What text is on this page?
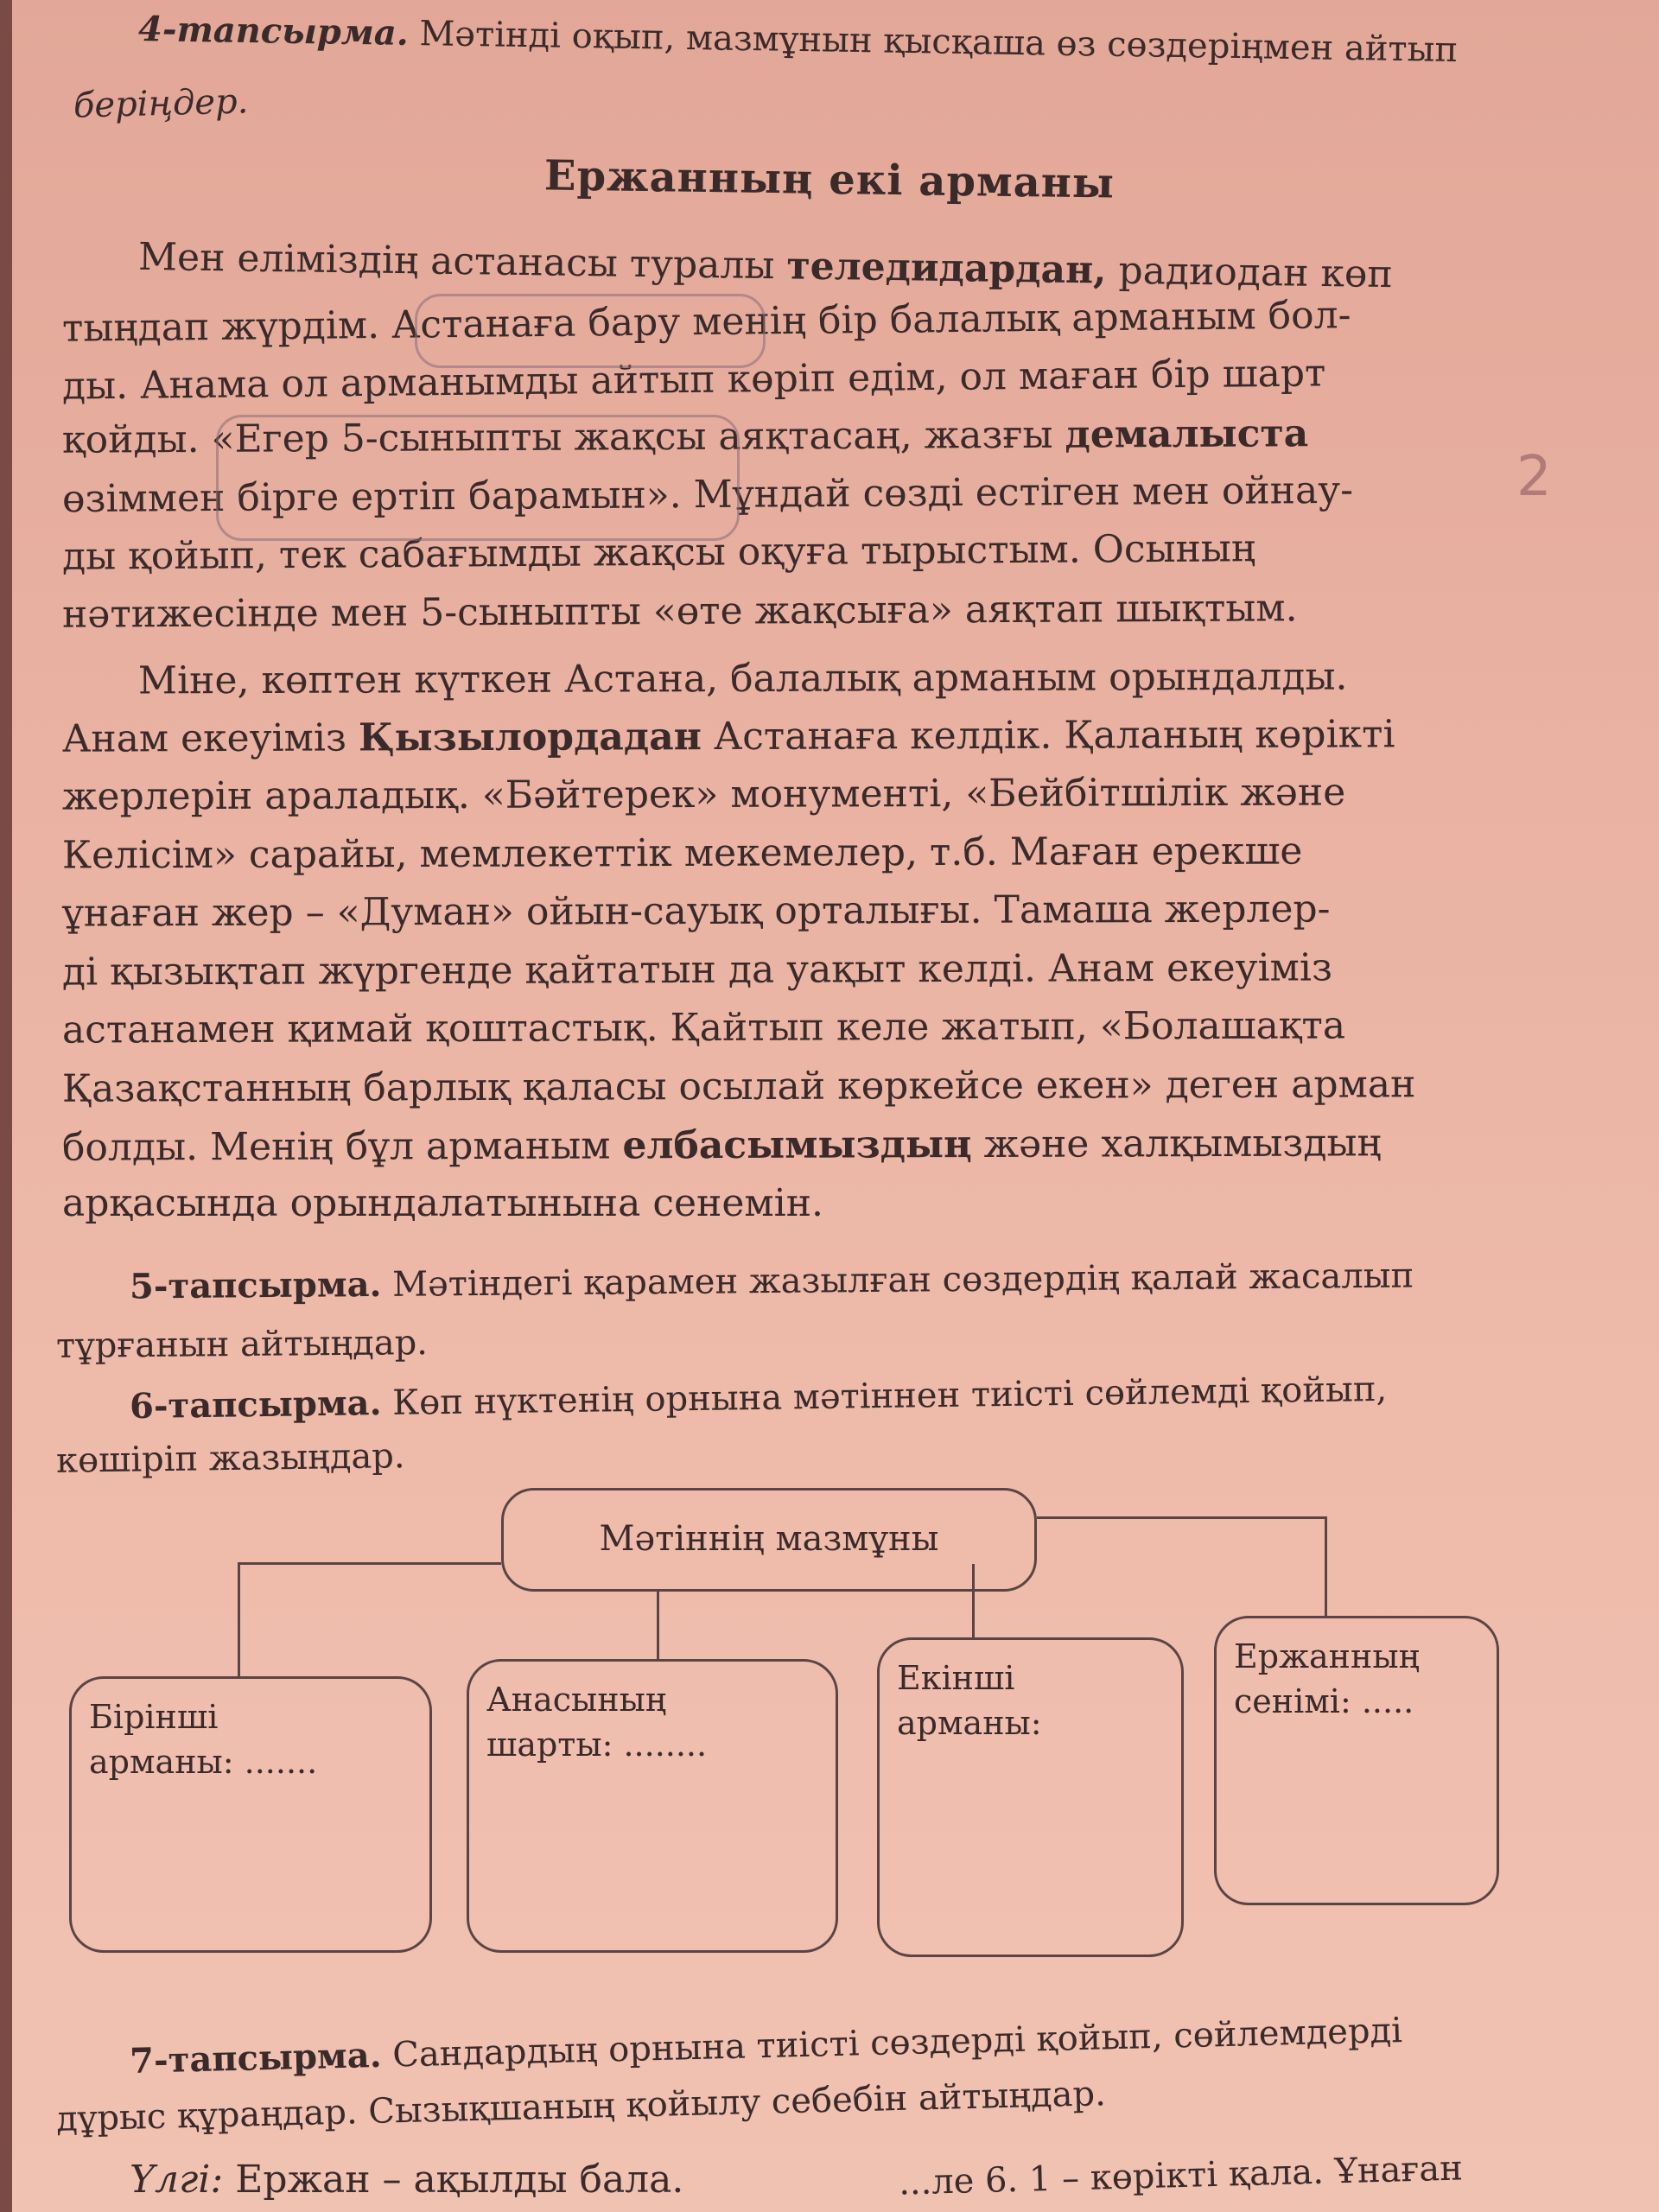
4-тапсырма. Мәтінді оқып, мазмұнын қысқаша өз сөздеріңмен айтып
беріңдер.
Ержанның екі арманы
Мен еліміздің астанасы туралы теледидардан, радиодан көп
тыңдап жүрдім. Астанаға бару менің бір балалық арманым бол-
ды. Анама ол арманымды айтып көріп едім, ол маған бір шарт
қойды. «Егер 5-сыныпты жақсы аяқтасаң, жазғы демалыста
өзіммен бірге ертіп барамын». Мұндай сөзді естіген мен ойнау-
ды қойып, тек сабағымды жақсы оқуға тырыстым. Осының
нәтижесінде мен 5-сыныпты «өте жақсыға» аяқтап шықтым.
2
Міне, көптен күткен Астана, балалық арманым орындалды.
Анам екеуіміз Қызылордадан Астанаға келдік. Қаланың көрікті
жерлерін араладық. «Бәйтерек» монументі, «Бейбітшілік және
Келісім» сарайы, мемлекеттік мекемелер, т.б. Маған ерекше
ұнаған жер – «Думан» ойын-сауық орталығы. Тамаша жерлер-
ді қызықтап жүргенде қайтатын да уақыт келді. Анам екеуіміз
астанамен қимай қоштастық. Қайтып келе жатып, «Болашақта
Қазақстанның барлық қаласы осылай көркейсе екен» деген арман
болды. Менің бұл арманым елбасымыздың және халқымыздың
арқасында орындалатынына сенемін.
5-тапсырма. Мәтіндегі қарамен жазылған сөздердің қалай жасалып
тұрғанын айтыңдар.
6-тапсырма. Көп нүктенің орнына мәтіннен тиісті сөйлемді қойып,
көшіріп жазыңдар.
Мәтіннің мазмұны
Бірінші
арманы: .......
Анасының
шарты: ........
Екінші
арманы:
Ержанның
сенімі: .....
7-тапсырма. Сандардың орнына тиісті сөздерді қойып, сөйлемдерді
дұрыс құраңдар. Сызықшаның қойылу себебін айтыңдар.
Үлгі: Ержан – ақылды бала.	...ле 6. 1 – көрікті қала. Ұнаған
